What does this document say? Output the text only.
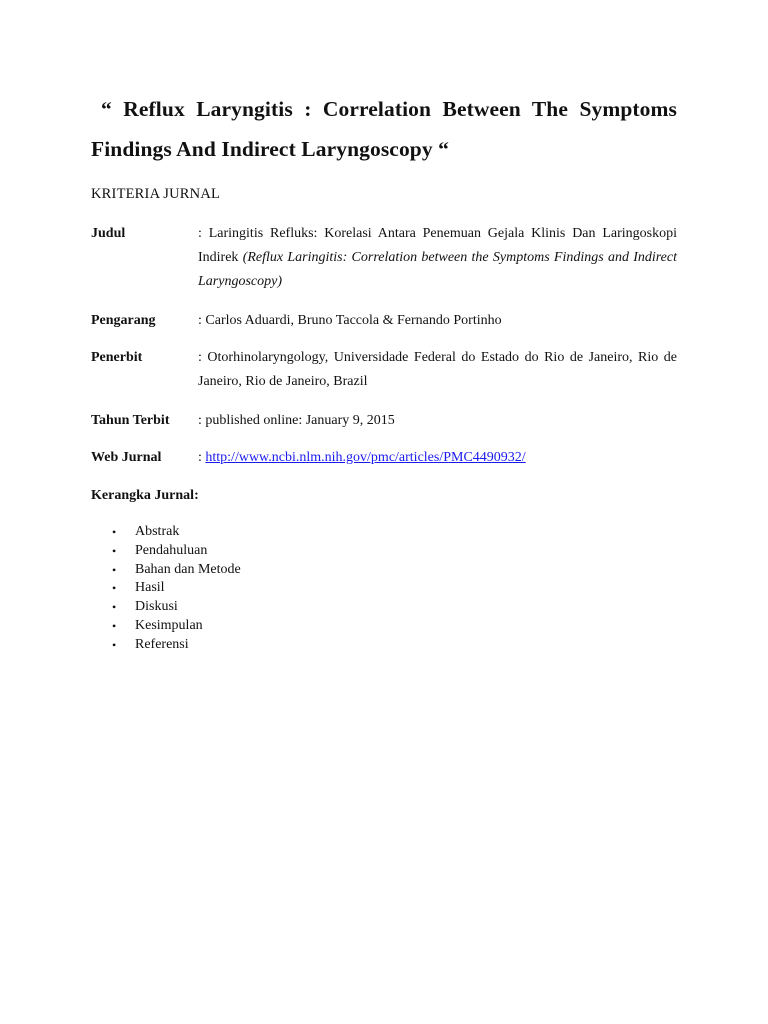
“ Reflux Laryngitis : Correlation Between The Symptoms Findings And Indirect Laryngoscopy “
KRITERIA JURNAL
Judul	: Laringitis Refluks: Korelasi Antara Penemuan Gejala Klinis Dan Laringoskopi Indirek (Reflux Laringitis: Correlation between the Symptoms Findings and Indirect Laryngoscopy)
Pengarang	: Carlos Aduardi, Bruno Taccola & Fernando Portinho
Penerbit	: Otorhinolaryngology, Universidade Federal do Estado do Rio de Janeiro, Rio de Janeiro, Rio de Janeiro, Brazil
Tahun Terbit : published online: January 9, 2015
Web Jurnal	: http://www.ncbi.nlm.nih.gov/pmc/articles/PMC4490932/
Kerangka Jurnal:
• Abstrak
• Pendahuluan
• Bahan dan Metode
• Hasil
• Diskusi
• Kesimpulan
• Referensi
